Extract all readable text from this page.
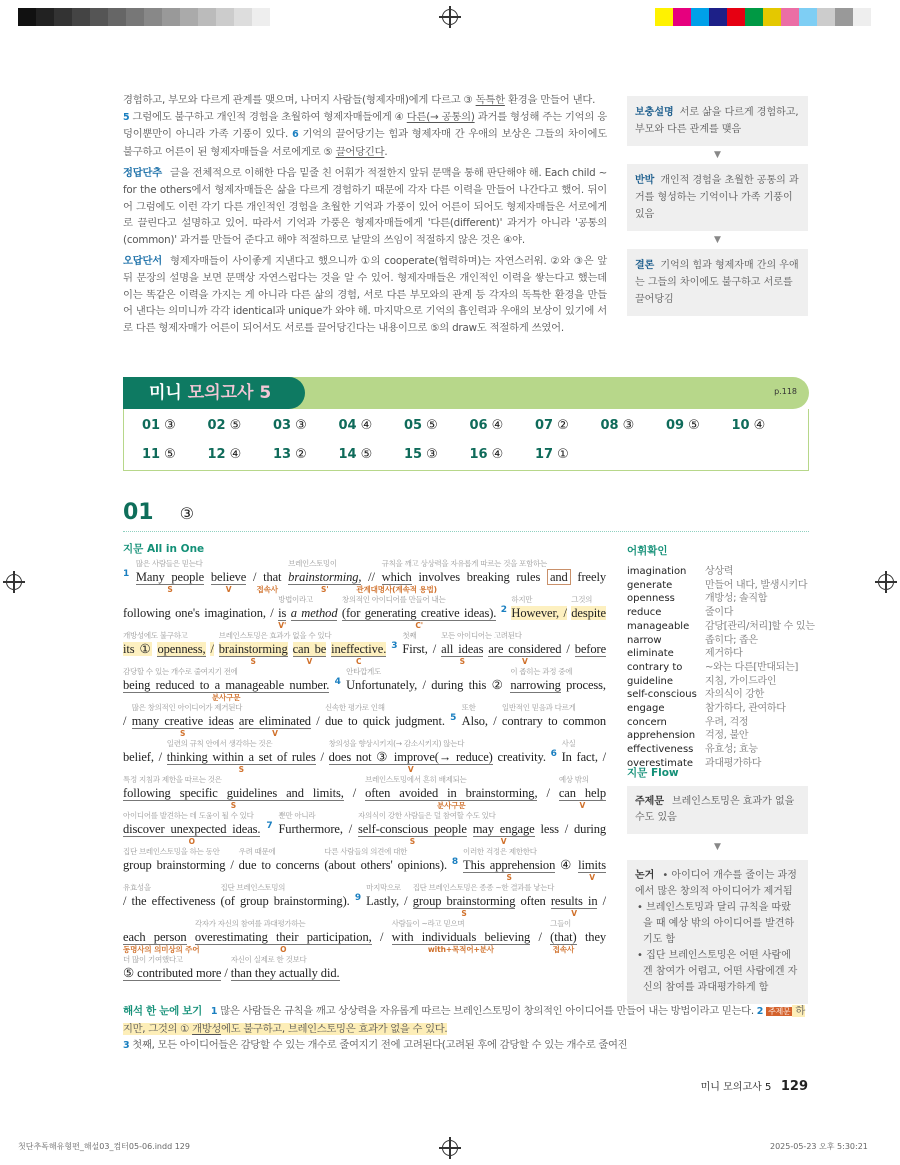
경험하고, 부모와 다르게 관계를 맺으며, 나머지 사람들(형제자매)에게 다르고 ③ 독특한 환경을 만들어 낸다.
5 그럼에도 불구하고 개인적 경험을 초월하여 형제자매들에게 ④ 다른(→ 공통의) 과거를 형성해 주는 기억의 응덩이뿐만이 아니라 가족 기풍이 있다. 6 기억의 끌어당기는 힘과 형제자매 간 우애의 보상은 그들의 차이에도 불구하고 어른이 된 형제자매들을 서로에게로 ⑤ 끌어당긴다.

정답단추 글을 전체적으로 이해한 다음 밑줄 친 어휘가 적절한지 앞뒤 문맥을 통해 판단해야 해. Each child ~ for the others에서 형제자매들은 삶을 다르게 경험하기 때문에 각자 다른 이력을 만들어 나간다고 했어. 뒤이어 그럼에도 이런 각기 다른 개인적인 경험을 초월한 기억과 가풍이 있어 어른이 되어도 형제자매들은 서로에게로 끌린다고 설명하고 있어. 따라서 기억과 가풍은 형제자매들에게 '다른(different)' 과거가 아니라 '공통의(common)' 과거를 만들어 준다고 해야 적절하므로 낱말의 쓰임이 적절하지 않은 것은 ④야.

오답단서 형제자매들이 사이좋게 지낸다고 했으니까 ①의 cooperate(협력하며)는 자연스러워. ②와 ③은 앞뒤 문장의 설명을 보면 문맥상 자연스럽다는 것을 알 수 있어. 형제자매들은 개인적인 이력을 쌓는다고 했는데 이는 똑같은 이력을 가지는 게 아니라 다른 삶의 경험, 서로 다른 부모와의 관계 등 각자의 독특한 환경을 만들어 낸다는 의미니까 각각 identical과 unique가 와야 해. 마지막으로 기억의 흡인력과 우애의 보상이 있기에 서로 다른 형제자매가 어른이 되어서도 서로를 끌어당긴다는 내용이므로 ⑤의 draw도 적절하게 쓰였어.

보충설명 서로 삶을 다르게 경험하고, 부모와 다른 관계를 맺음
▼
반박 개인적 경험을 초월한 공통의 과거를 형성하는 기억이나 가족 기풍이 있음
▼
결론 기억의 힘과 형제자매 간의 우애는 그들의 차이에도 불구하고 서로를 끌어당김
미니 모의고사 5	p.118
01 ③	02 ⑤	03 ③	04 ④	05 ⑤	06 ④	07 ②	08 ③	09 ⑤	10 ④
11 ⑤	12 ④	13 ②	14 ⑤	15 ③	16 ④	17 ①
01 ③
지문 All in One
$^1$
많은 사람들은 믿는다
Many people
S
believe
V
/ that
접속사

브레인스토밍이
brainstorming,
S'
//
규칙을 깨고 상상력을 자유롭게 따르는 것을 포함하는
which
관계대명사(계속적 용법)
involves breaking rules and freely
following one's imagination, /
방법이라고
is
V'
a method
창의적인 아이디어를 만들어 내는
(for generating creative ideas).
C'
$^2$
하지만
However, /
그것의
despite
개방성에도 불구하고
its ① openness, /
브레인스토밍은 효과가 없을 수 있다
brainstorming
S
can be
V
ineffective.
C
$^3$
첫째
First, /
모든 아이디어는 고려된다
all ideas
S
are considered
V
/ before
감당할 수 있는 개수로 줄여지기 전에
being reduced to a manageable number.
분사구문
$^4$
안타깝게도
Unfortunately, / during this ②
이 좁히는 과정 중에
narrowing process,
/
많은 창의적인 아이디어가 제거된다
many creative ideas
S
are eliminated
V
/
신속한 평가로 인해
due to quick judgment. $^5$
또한
Also, /
일반적인 믿음과 다르게
contrary to common
belief, /
일련의 규칙 안에서 생각하는 것은
thinking within a set of rules
S
/
창의성을 향상시키지(→ 감소시키지) 않는다
does not ③ improve(→ reduce)
V
creativity. $^6$
사실
In fact, /
특정 지침과 제한을 따르는 것은
following specific guidelines and limits,
S
/
브레인스토밍에서 흔히 배제되는
often avoided in brainstorming,
분사구문
/
예상 밖의
can help
V
아이디어를 발견하는 데 도움이 될 수 있다
discover unexpected ideas.
O
$^7$
뿐만 아니라
Furthermore, /
자의식이 강한 사람들은 덜 참여할 수도 있다
self-conscious people
S
may engage
V
less / during
집단 브레인스토밍을 하는 동안
group brainstorming /
우려 때문에
due to concerns
다른 사람들의 의견에 대한
(about others' opinions). $^8$
이러한 걱정은 제한한다
This apprehension
S
④ limits
V
유효성을
/ the effectiveness
집단 브레인스토밍의
(of group brainstorming). $^9$
마지막으로
Lastly, /
집단 브레인스토밍은 종종 ~한 결과를 낳는다
group brainstorming
S
often results in
V
/
each person
동명사의 의미상의 주어

각자가 자신의 참여를 과대평가하는
overestimating their participation,
O
/
사람들이 ~라고 믿으며
with individuals believing
with+목적어+분사
/
그들이
(that)
접속사
they
더 많이 기여했다고
⑤ contributed more /
자신이 실제로 한 것보다
than they actually did.
어휘확인
imagination	상상력
generate	만들어 내다, 발생시키다
openness	개방성; 솔직함
reduce	줄이다
manageable	감당[관리/처리]할 수 있는
narrow	좁히다; 좁은
eliminate	제거하다
contrary to	~와는 다른[반대되는]
guideline	지침, 가이드라인
self-conscious 자의식이 강한
engage	참가하다, 관여하다
concern	우려, 걱정
apprehension 걱정, 불안
effectiveness	유효성; 효능
overestimate	과대평가하다
지문 Flow
주제문 브레인스토밍은 효과가 없을 수도 있음
▼
논거 • 아이디어 개수를 줄이는 과정에서 많은 창의적 아이디어가 제거됨
• 브레인스토밍과 달리 규칙을 따랐을 때 예상 밖의 아이디어를 발견하기도 함
• 집단 브레인스토밍은 어떤 사람에겐 참여가 어렵고, 어떤 사람에겐 자신의 참여를 과대평가하게 함
해석 한 눈에 보기 1 많은 사람들은 규칙을 깨고 상상력을 자유롭게 따르는 브레인스토밍이 창의적인 아이디어를 만들어 내는 방법이라고 믿는다. 2 주제문 하지만, 그것의 ① 개방성에도 불구하고, 브레인스토밍은 효과가 없을 수 있다.
3 첫째, 모든 아이디어들은 감당할 수 있는 개수로 줄여지기 전에 고려된다(고려된 후에 감당할 수 있는 개수로 줄여진
미니 모의고사 5 129
첫단추독해유형편_해설03_컴터05-06.indd 129	2025-05-23 오후 5:30:21
